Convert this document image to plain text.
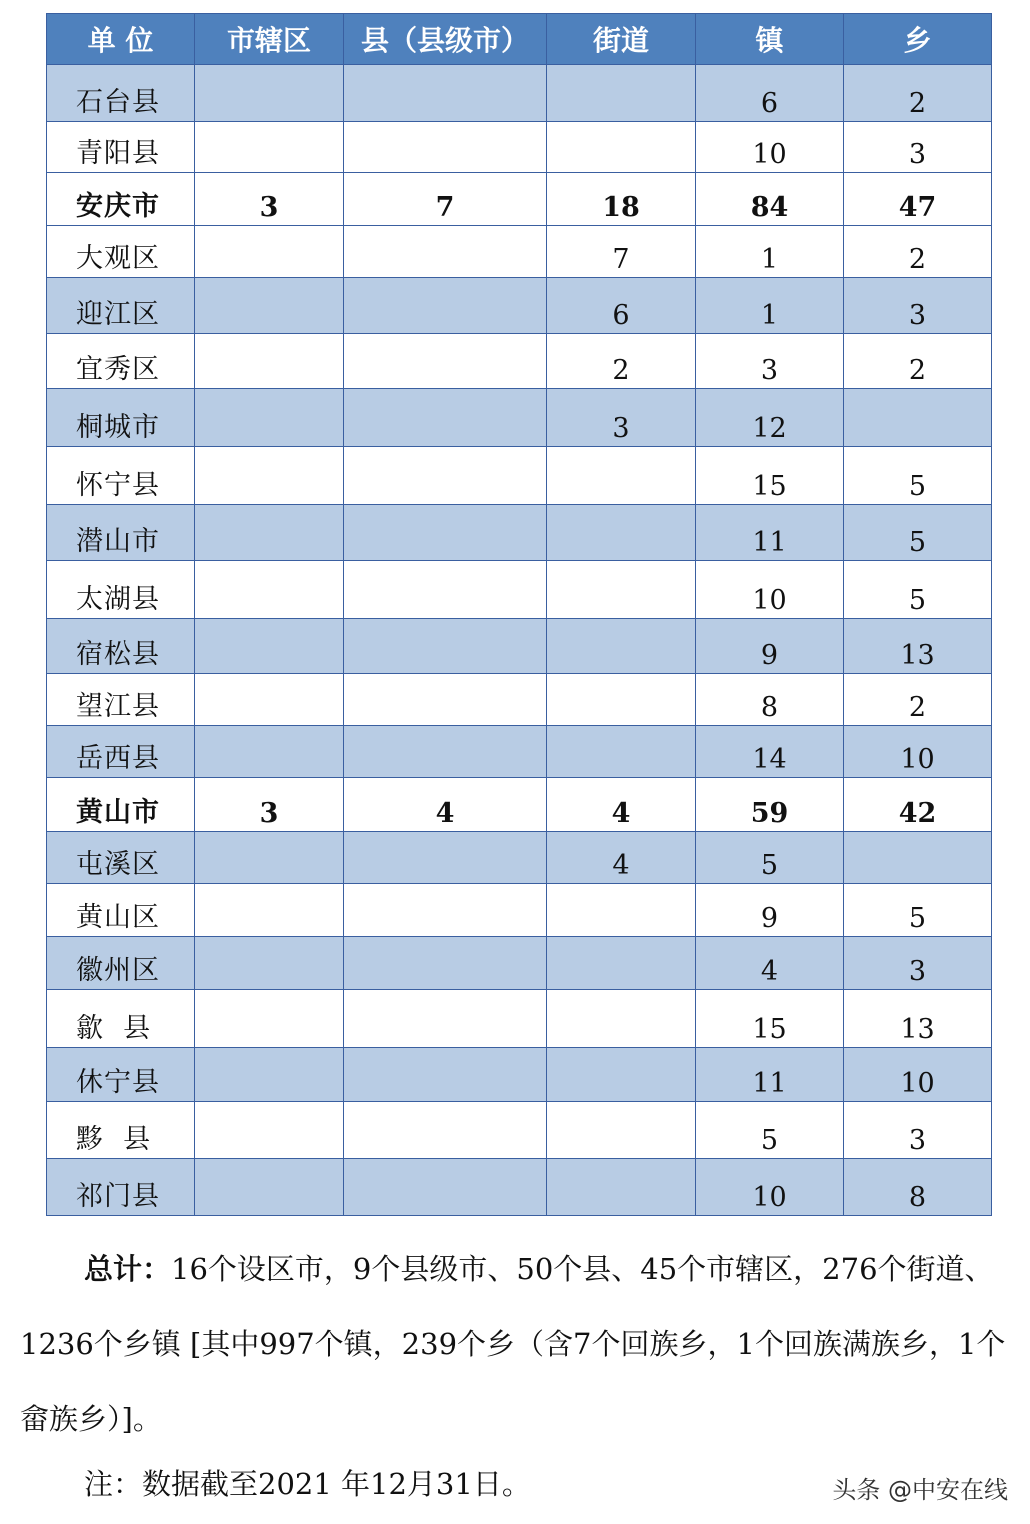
单 位	市辖区	县（县级市）	街道	镇	乡
石台县				6	2
青阳县				10	3
安庆市	3	7	18	84	47
大观区			7	1	2
迎江区			6	1	3
宜秀区			2	3	2
桐城市			3	12	
怀宁县				15	5
潜山市				11	5
太湖县				10	5
宿松县				9	13
望江县				8	2
岳西县				14	10
黄山市	3	4	4	59	42
屯溪区			4	5	
黄山区				9	5
徽州区				4	3
歙  县				15	13
休宁县				11	10
黟  县				5	3
祁门县				10	8

总计：16个设区市，9个县级市、50个县、45个市辖区，276个街道、1236个乡镇 [其中997个镇，239个乡（含7个回族乡，1个回族满族乡，1个畲族乡）]。

注：数据截至2021 年12月31日。	头条 @中安在线
